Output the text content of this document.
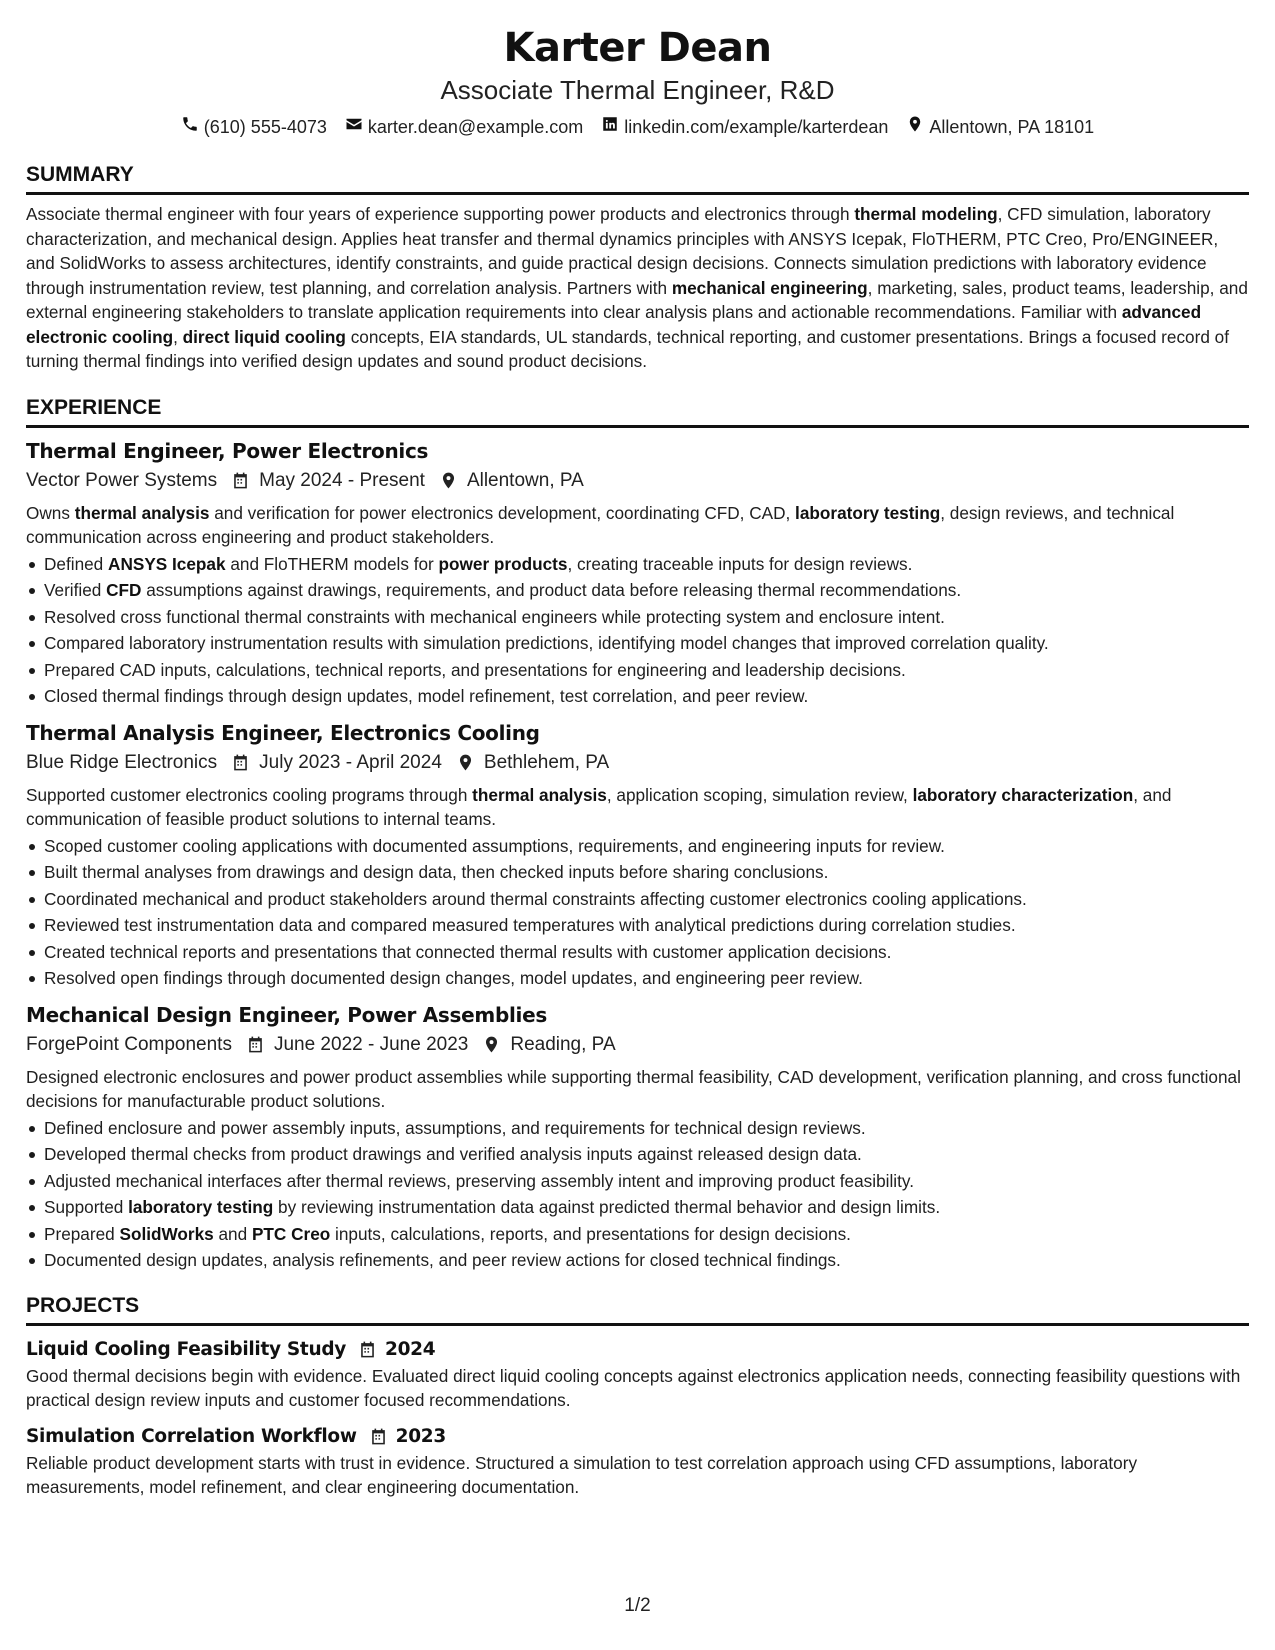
Karter Dean
Associate Thermal Engineer, R&D
(610) 555-4073 karter.dean@example.com linkedin.com/example/karterdean Allentown, PA 18101
SUMMARY
Associate thermal engineer with four years of experience supporting power products and electronics through thermal modeling, CFD simulation, laboratory characterization, and mechanical design. Applies heat transfer and thermal dynamics principles with ANSYS Icepak, FloTHERM, PTC Creo, Pro/ENGINEER, and SolidWorks to assess architectures, identify constraints, and guide practical design decisions. Connects simulation predictions with laboratory evidence through instrumentation review, test planning, and correlation analysis. Partners with mechanical engineering, marketing, sales, product teams, leadership, and external engineering stakeholders to translate application requirements into clear analysis plans and actionable recommendations. Familiar with advanced electronic cooling, direct liquid cooling concepts, EIA standards, UL standards, technical reporting, and customer presentations. Brings a focused record of turning thermal findings into verified design updates and sound product decisions.
EXPERIENCE
Thermal Engineer, Power Electronics
Vector Power Systems May 2024 - Present Allentown, PA
Owns thermal analysis and verification for power electronics development, coordinating CFD, CAD, laboratory testing, design reviews, and technical communication across engineering and product stakeholders.
Defined ANSYS Icepak and FloTHERM models for power products, creating traceable inputs for design reviews.
Verified CFD assumptions against drawings, requirements, and product data before releasing thermal recommendations.
Resolved cross functional thermal constraints with mechanical engineers while protecting system and enclosure intent.
Compared laboratory instrumentation results with simulation predictions, identifying model changes that improved correlation quality.
Prepared CAD inputs, calculations, technical reports, and presentations for engineering and leadership decisions.
Closed thermal findings through design updates, model refinement, test correlation, and peer review.
Thermal Analysis Engineer, Electronics Cooling
Blue Ridge Electronics July 2023 - April 2024 Bethlehem, PA
Supported customer electronics cooling programs through thermal analysis, application scoping, simulation review, laboratory characterization, and communication of feasible product solutions to internal teams.
Scoped customer cooling applications with documented assumptions, requirements, and engineering inputs for review.
Built thermal analyses from drawings and design data, then checked inputs before sharing conclusions.
Coordinated mechanical and product stakeholders around thermal constraints affecting customer electronics cooling applications.
Reviewed test instrumentation data and compared measured temperatures with analytical predictions during correlation studies.
Created technical reports and presentations that connected thermal results with customer application decisions.
Resolved open findings through documented design changes, model updates, and engineering peer review.
Mechanical Design Engineer, Power Assemblies
ForgePoint Components June 2022 - June 2023 Reading, PA
Designed electronic enclosures and power product assemblies while supporting thermal feasibility, CAD development, verification planning, and cross functional decisions for manufacturable product solutions.
Defined enclosure and power assembly inputs, assumptions, and requirements for technical design reviews.
Developed thermal checks from product drawings and verified analysis inputs against released design data.
Adjusted mechanical interfaces after thermal reviews, preserving assembly intent and improving product feasibility.
Supported laboratory testing by reviewing instrumentation data against predicted thermal behavior and design limits.
Prepared SolidWorks and PTC Creo inputs, calculations, reports, and presentations for design decisions.
Documented design updates, analysis refinements, and peer review actions for closed technical findings.
PROJECTS
Liquid Cooling Feasibility Study 2024
Good thermal decisions begin with evidence. Evaluated direct liquid cooling concepts against electronics application needs, connecting feasibility questions with practical design review inputs and customer focused recommendations.
Simulation Correlation Workflow 2023
Reliable product development starts with trust in evidence. Structured a simulation to test correlation approach using CFD assumptions, laboratory measurements, model refinement, and clear engineering documentation.
1/2
